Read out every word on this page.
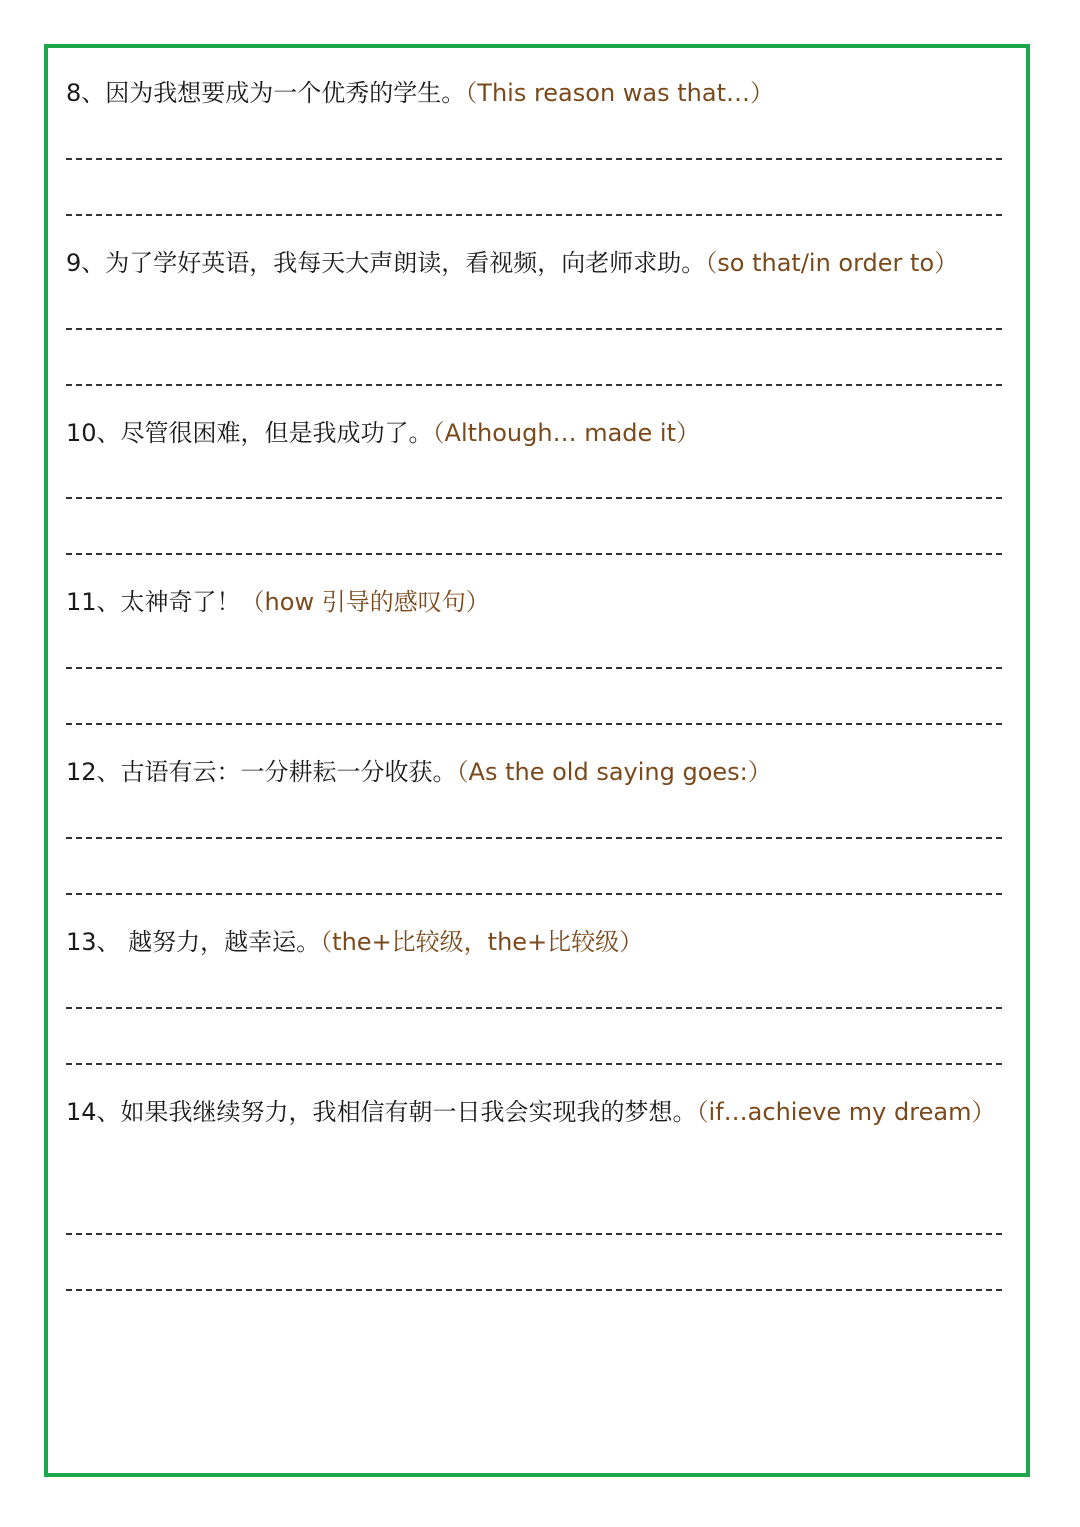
8、因为我想要成为一个优秀的学生。（This reason was that…）
9、为了学好英语，我每天大声朗读，看视频，向老师求助。（so that/in order to）
10、尽管很困难，但是我成功了。（Although… made it）
11、太神奇了！（how 引导的感叹句）
12、古语有云：一分耕耘一分收获。（As the old saying goes:）
13、 越努力，越幸运。（the+比较级，the+比较级）
14、如果我继续努力，我相信有朝一日我会实现我的梦想。（if…achieve my dream）
